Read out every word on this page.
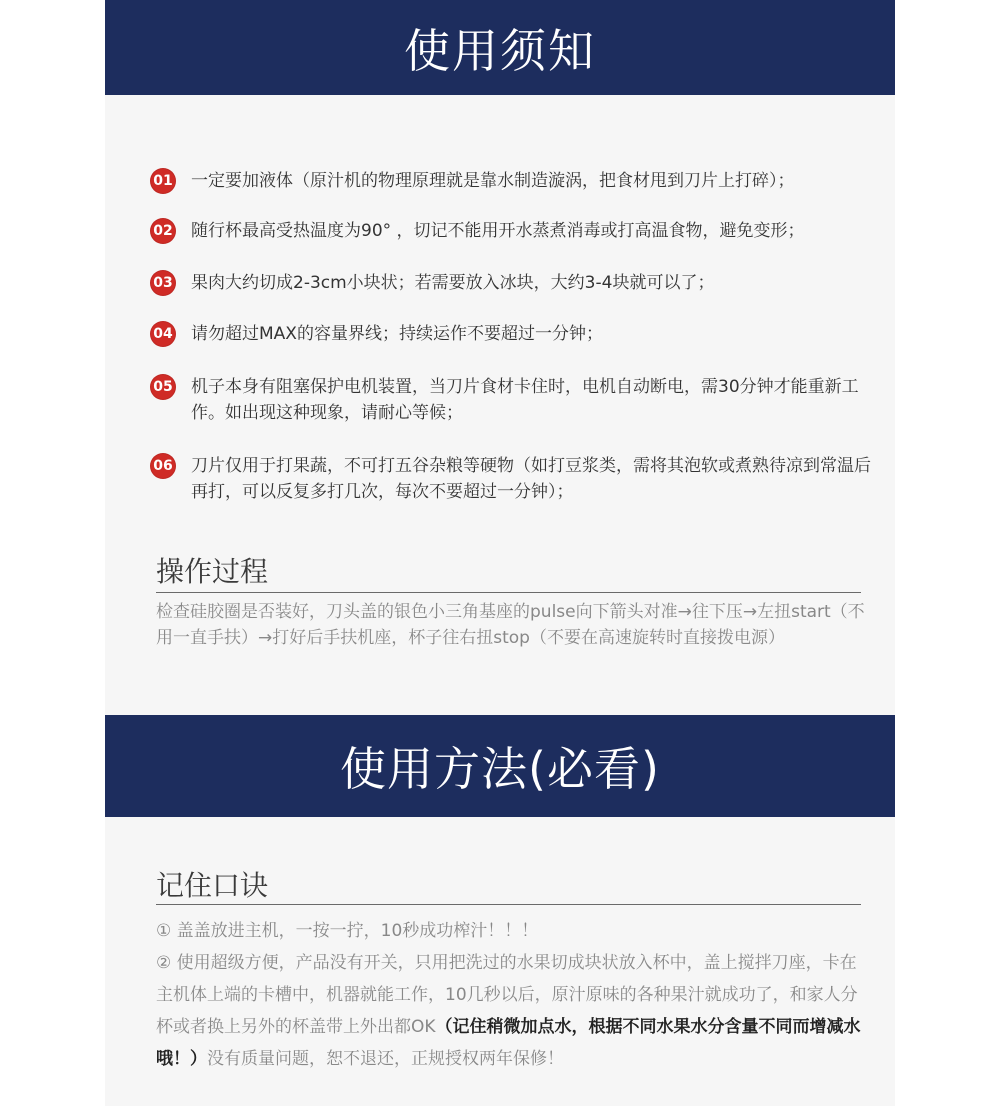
使用须知
01 一定要加液体（原汁机的物理原理就是靠水制造漩涡，把食材甩到刀片上打碎）；
02 随行杯最高受热温度为90° ，切记不能用开水蒸煮消毒或打高温食物，避免变形；
03 果肉大约切成2-3cm小块状；若需要放入冰块，大约3-4块就可以了；
04 请勿超过MAX的容量界线；持续运作不要超过一分钟；
05 机子本身有阻塞保护电机装置，当刀片食材卡住时，电机自动断电，需30分钟才能重新工作。如出现这种现象，请耐心等候；
06 刀片仅用于打果蔬，不可打五谷杂粮等硬物（如打豆浆类，需将其泡软或煮熟待凉到常温后再打，可以反复多打几次，每次不要超过一分钟）；
操作过程
检查硅胶圈是否装好，刀头盖的银色小三角基座的pulse向下箭头对准→往下压→左扭start（不用一直手扶）→打好后手扶机座，杯子往右扭stop（不要在高速旋转时直接拨电源）
使用方法(必看)
记住口诀

① 盖盖放进主机，一按一拧，10秒成功榨汁！！！

② 使用超级方便，产品没有开关，只用把洗过的水果切成块状放入杯中，盖上搅拌刀座，卡在主机体上端的卡槽中，机器就能工作，10几秒以后，原汁原味的各种果汁就成功了，和家人分杯或者换上另外的杯盖带上外出都OK（记住稍微加点水，根据不同水果水分含量不同而增减水哦！）没有质量问题，恕不退还，正规授权两年保修！
